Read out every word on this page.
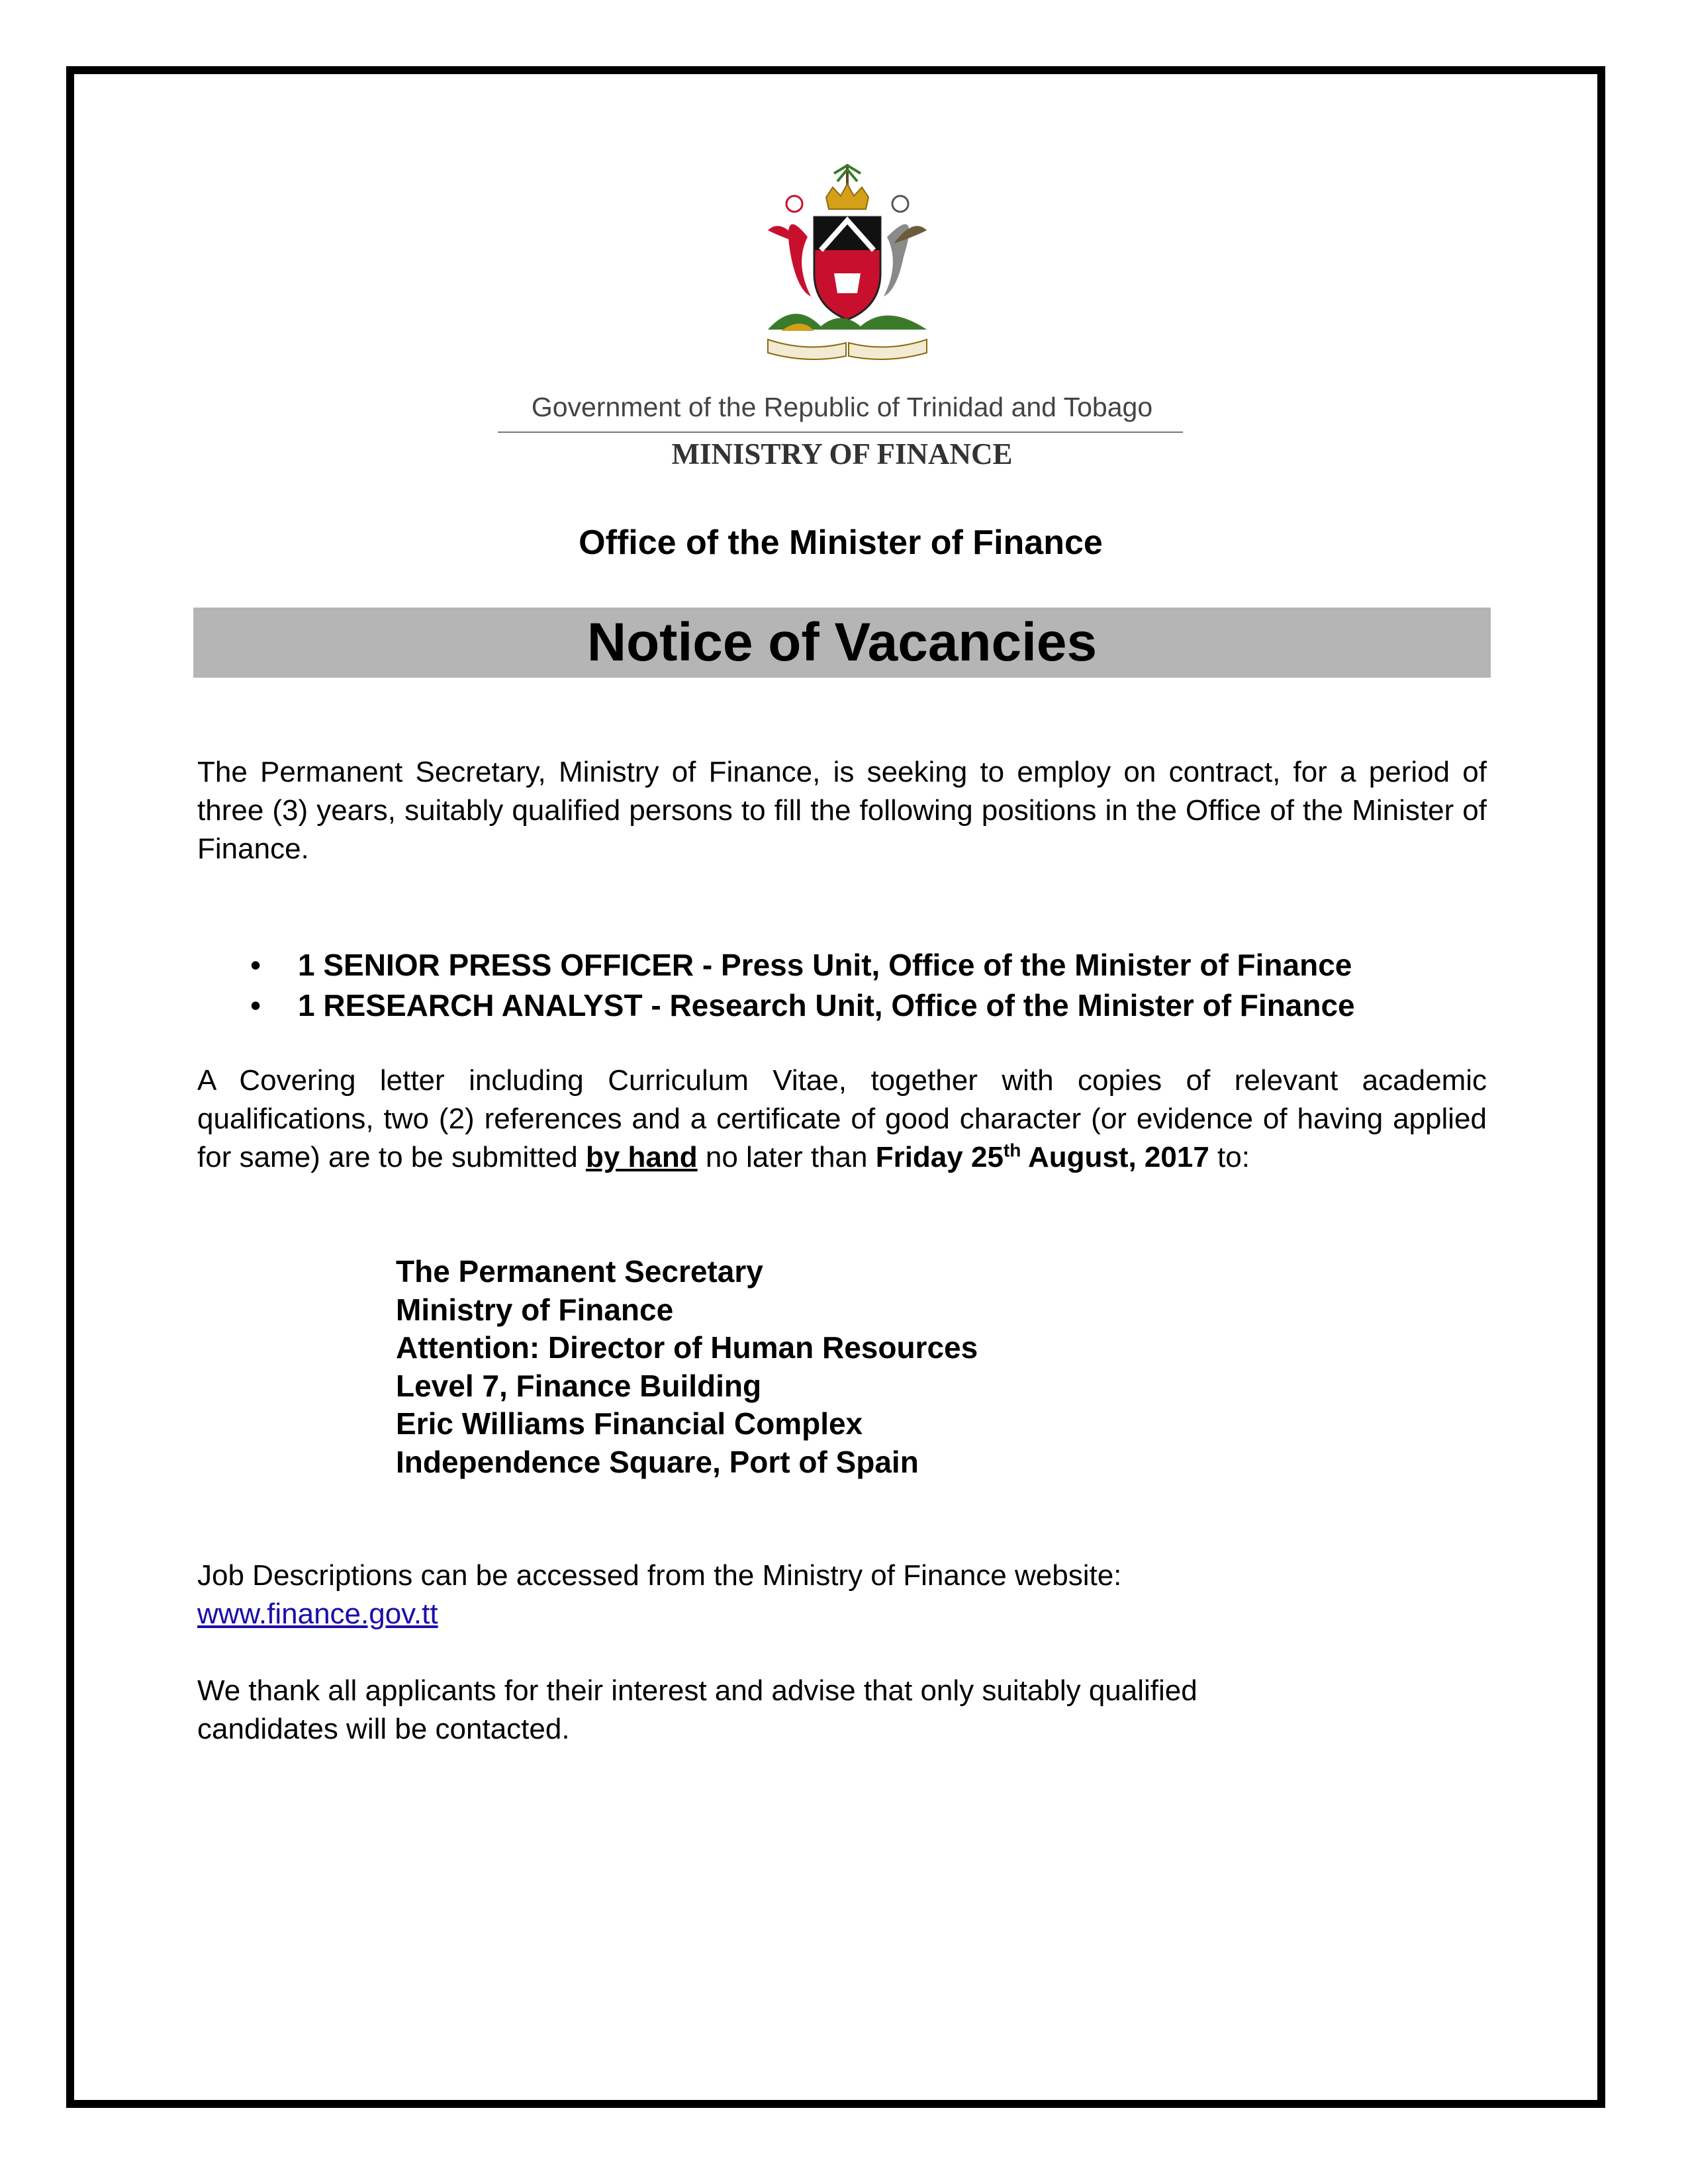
Government of the Republic of Trinidad and Tobago
MINISTRY OF FINANCE
Office of the Minister of Finance
Notice of Vacancies
The Permanent Secretary, Ministry of Finance, is seeking to employ on contract, for a period of three (3) years, suitably qualified persons to fill the following positions in the Office of the Minister of Finance.
• 1 SENIOR PRESS OFFICER - Press Unit, Office of the Minister of Finance
• 1 RESEARCH ANALYST - Research Unit, Office of the Minister of Finance
A Covering letter including Curriculum Vitae, together with copies of relevant academic qualifications, two (2) references and a certificate of good character (or evidence of having applied for same) are to be submitted by hand no later than Friday 25th August, 2017 to:
The Permanent Secretary
Ministry of Finance
Attention: Director of Human Resources
Level 7, Finance Building
Eric Williams Financial Complex
Independence Square, Port of Spain
Job Descriptions can be accessed from the Ministry of Finance website:
www.finance.gov.tt
We thank all applicants for their interest and advise that only suitably qualified
candidates will be contacted.
